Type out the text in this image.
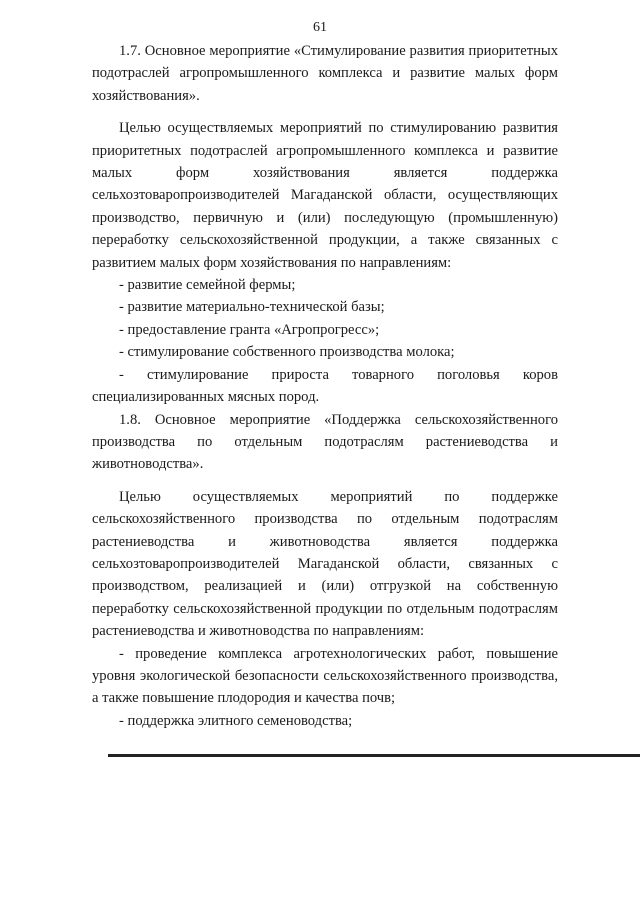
61

1.7. Основное мероприятие «Стимулирование развития приоритетных подотраслей агропромышленного комплекса и развитие малых форм хозяйствования».

Целью осуществляемых мероприятий по стимулированию развития приоритетных подотраслей агропромышленного комплекса и развитие малых форм хозяйствования является поддержка сельхозтоваропроизводителей Магаданской области, осуществляющих производство, первичную и (или) последующую (промышленную) переработку сельскохозяйственной продукции, а также связанных с развитием малых форм хозяйствования по направлениям:

- развитие семейной фермы;

- развитие материально-технической базы;

- предоставление гранта «Агропрогресс»;

- стимулирование собственного производства молока;

- стимулирование прироста товарного поголовья коров специализированных мясных пород.

1.8. Основное мероприятие «Поддержка сельскохозяйственного производства по отдельным подотраслям растениеводства и животноводства».

Целью осуществляемых мероприятий по поддержке сельскохозяйственного производства по отдельным подотраслям растениеводства и животноводства является поддержка сельхозтоваропроизводителей Магаданской области, связанных с производством, реализацией и (или) отгрузкой на собственную переработку сельскохозяйственной продукции по отдельным подотраслям растениеводства и животноводства по направлениям:

- проведение комплекса агротехнологических работ, повышение уровня экологической безопасности сельскохозяйственного производства, а также повышение плодородия и качества почв;

- поддержка элитного семеноводства;
